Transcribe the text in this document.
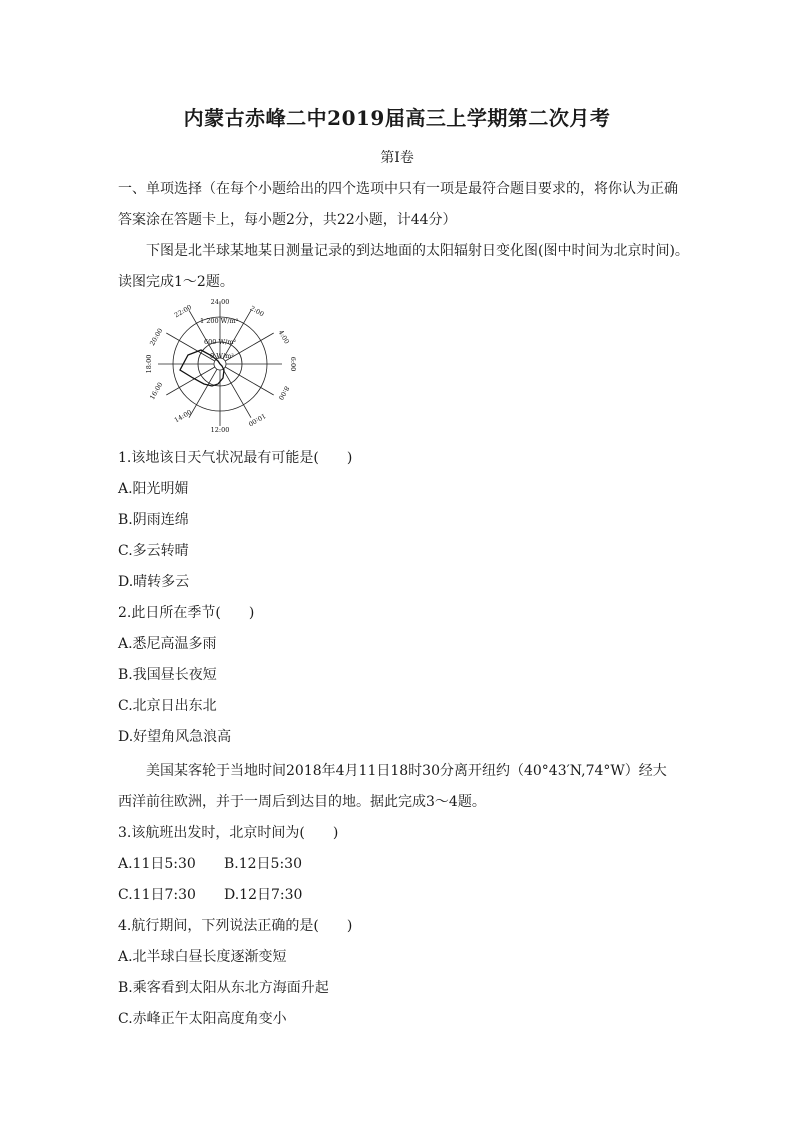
内蒙古赤峰二中2019届高三上学期第二次月考
第I卷
一、单项选择（在每个小题给出的四个选项中只有一项是最符合题目要求的，将你认为正确
答案涂在答题卡上，每小题2分，共22小题，计44分）
下图是北半球某地某日测量记录的到达地面的太阳辐射日变化图(图中时间为北京时间)。
读图完成1～2题。
1 200 W/m²
600 W/m²
0 W/m²
24:00
2:00
4:00
6:00
8:00
10:00
12:00
14:00
16:00
18:00
20:00
22:00
1.该地该日天气状况最有可能是(　　)
A.阳光明媚
B.阴雨连绵
C.多云转晴
D.晴转多云
2.此日所在季节(　　)
A.悉尼高温多雨
B.我国昼长夜短
C.北京日出东北
D.好望角风急浪高
美国某客轮于当地时间2018年4月11日18时30分离开纽约（40°43′N,74°W）经大
西洋前往欧洲，并于一周后到达目的地。据此完成3～4题。
3.该航班出发时，北京时间为(　　)
A.11日5:30 B.12日5:30
C.11日7:30 D.12日7:30
4.航行期间，下列说法正确的是(　　)
A.北半球白昼长度逐渐变短
B.乘客看到太阳从东北方海面升起
C.赤峰正午太阳高度角变小
